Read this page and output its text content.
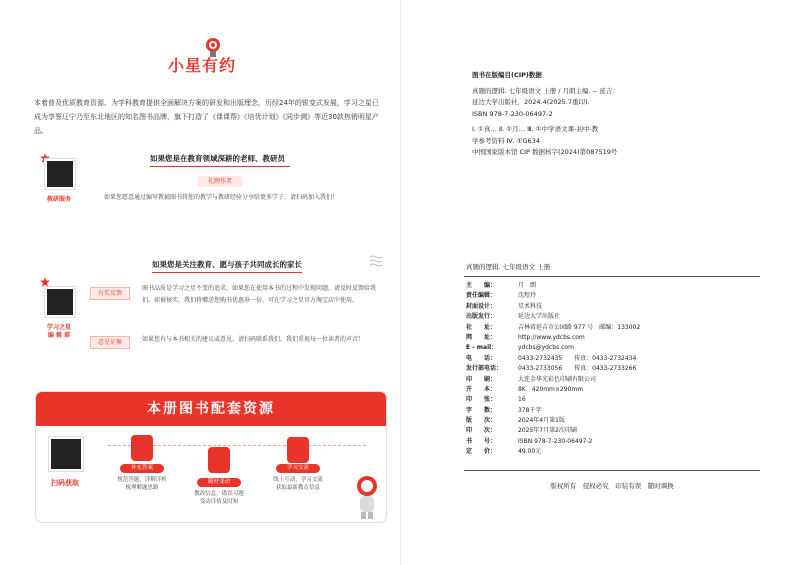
小星有约
本着普及优质教育资源、为学科教育提供全面解决方案的研发和出版理念，历经24年的锐变式发展，学习之星已成为享誉辽宁乃至东北地区的知名图书品牌，旗下打造了《课课帮》《培优计划》《同步测》等近30款热销明星产品。
教研服务
如果您是在教育领域深耕的老师、教研员
礼聘作者
如果您愿意通过编写教辅图书将您的教学与教研经验分享给更多学子，请扫码加入我们！
如果您是关注教育、愿与孩子共同成长的家长
学习之星
编 辑 部
有奖反馈
图书品质是学习之星不变的追求。如果您在使用本书的过程中发现问题，请及时反馈给我们，如被核实，我们将赠送您购书优惠券一份。可在学习之星官方淘宝店中使用。
意见征集	如果您有与本书相关的建议或意见，请扫码联系我们。我们重视每一位读者的声音！
本册图书配套资源
扫码获取
补充答案
规范答题，详解详析
梳理解题思路
随材变动
教改信息，勘误习题
变动详情及时知
学习交流
线上互动，学习交流
获取最新教育信息
图书在版编目(CIP)数据
真题的逻辑. 七年级语文 上册 / 月朗主编. -- 延吉：
延边大学出版社，2024.4(2025.7重印).
ISBN 978-7-230-06497-2
Ⅰ. ①真… Ⅱ. ①月… Ⅲ. ①中学语文课-初中-教
学参考资料 Ⅳ. ①G634
中国国家版本馆 CIP 数据核字(2024)第087519号
真题的逻辑. 七年级语文 上册
主　　编：	月　朗
责任编辑：	沈煜玲
封面设计：	星术科技
出版发行：	延边大学出版社
社　　址：	吉林省延吉市公园路 977 号　邮编：133002
网　　址：	http://www.ydcbs.com
E - mail：	ydcbs@ydcbs.com
电　　话：	0433-2732435　　传真：0433-2732434
发行部电话：	0433-2733056　　传真：0433-2733266
印　　刷：	大连金华光彩色印刷有限公司
开　　本：	8K　420mm×290mm
印　　张：	16
字　　数：	378千字
版　　次：	2024年4月第1版
印　　次：	2025年7月第2次印刷
书　　号：	ISBN 978-7-230-06497-2
定　　价：	49.00元
版权所有　侵权必究　印装有误　随时调换
